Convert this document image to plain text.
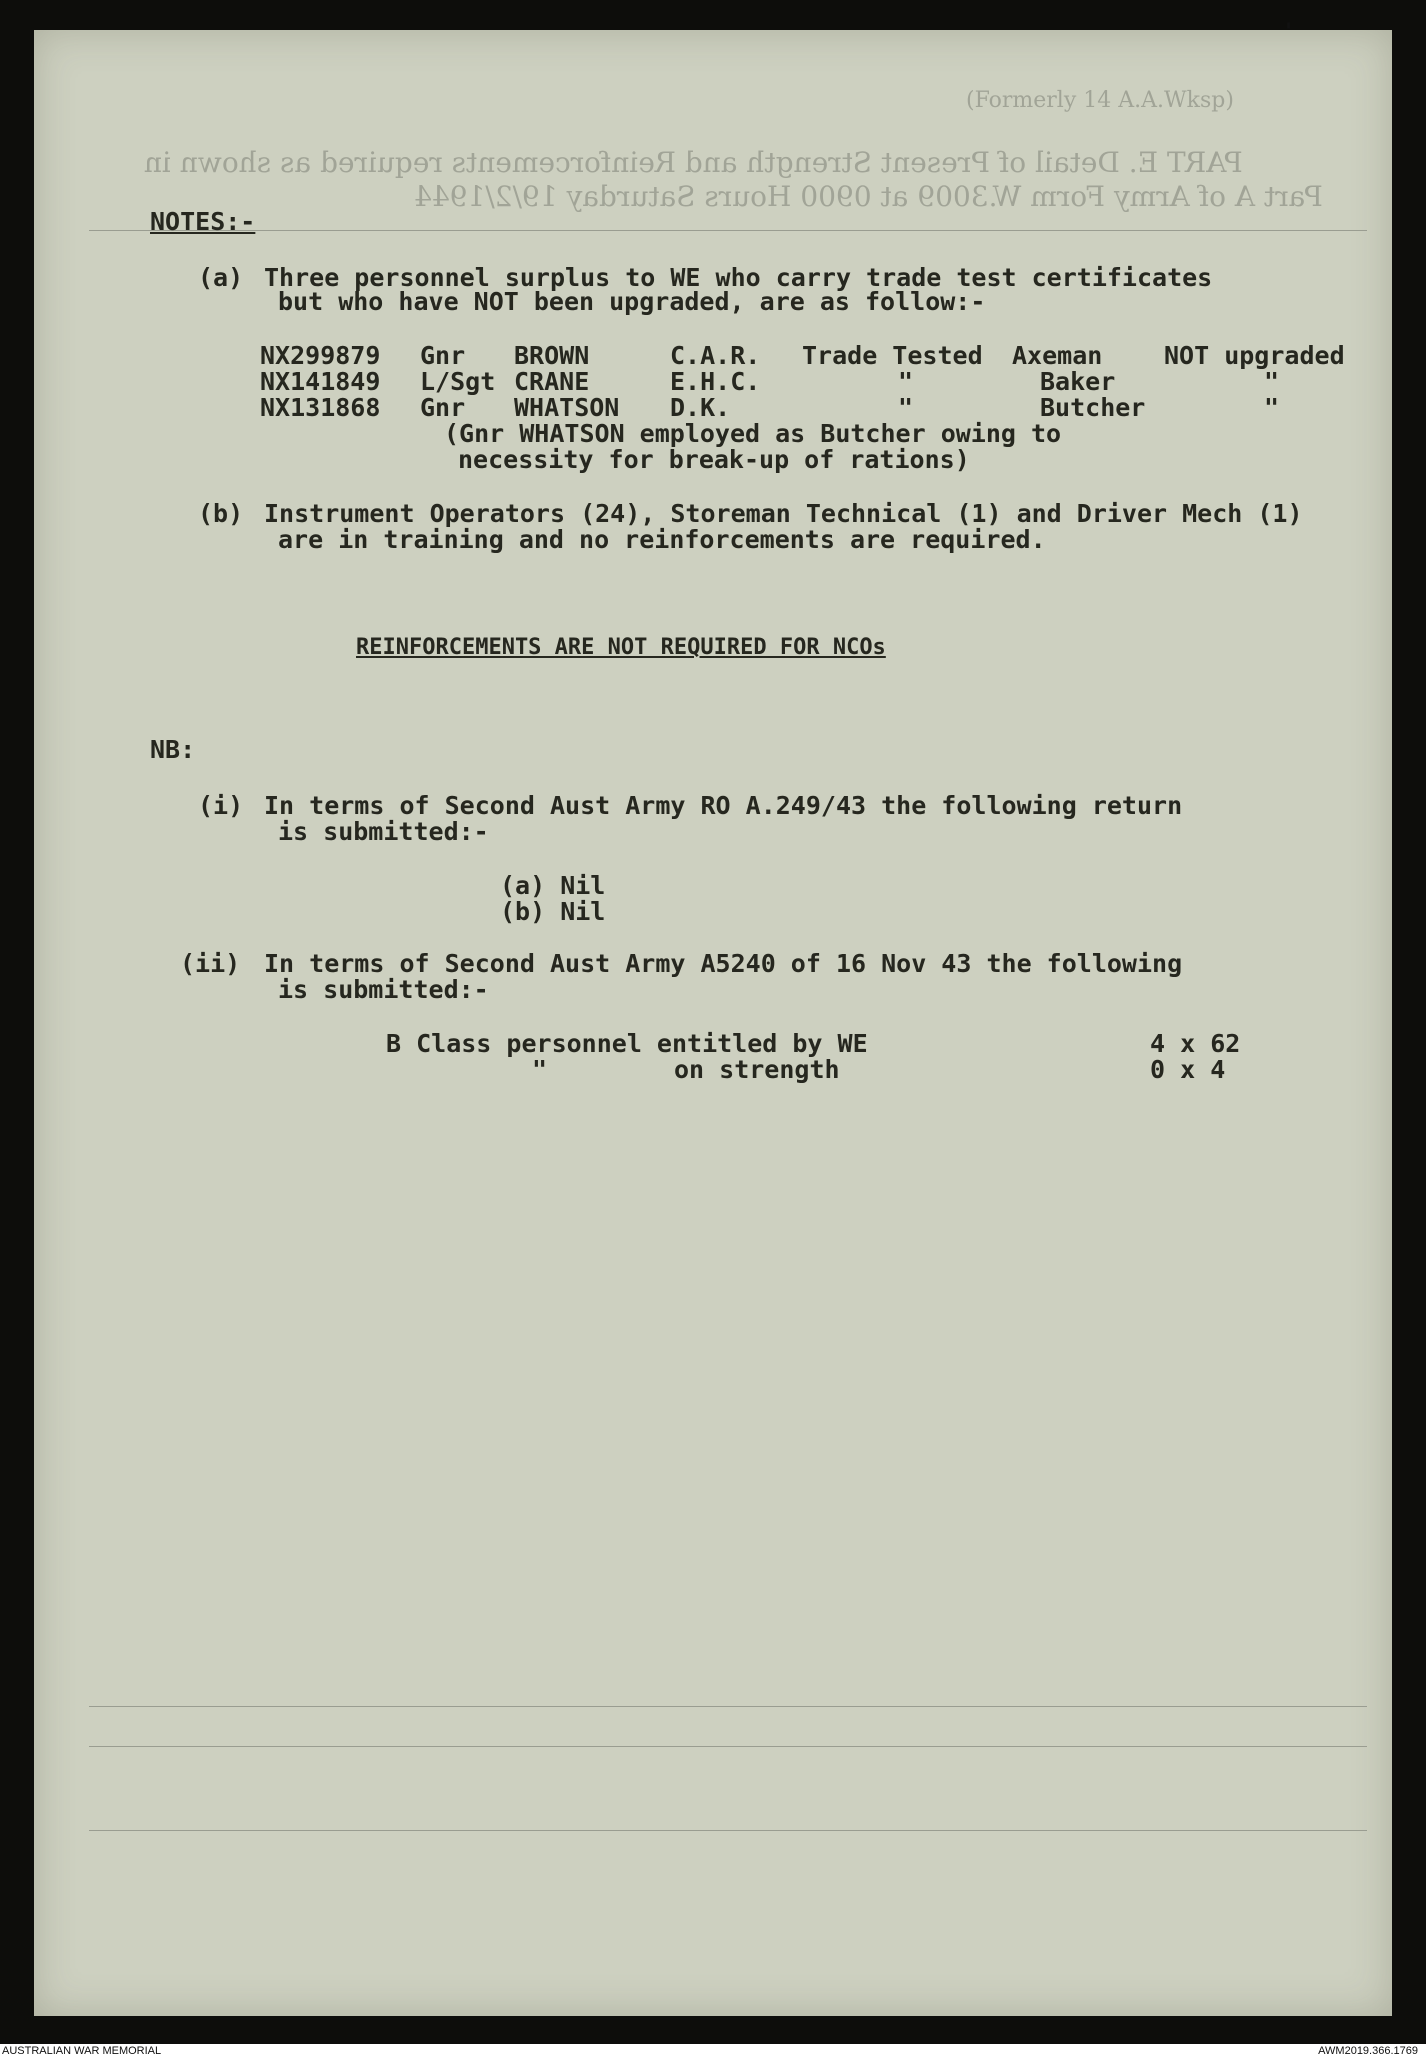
'
(Formerly 14 A.A.Wksp)
PART E. Detail of Present Strength and Reinforcements required as shown in
Part A of Army Form W.3009 at 0900 Hours Saturday 19/2/1944
NOTES:-
(a) Three personnel surplus to WE who carry trade test certificates
but who have NOT been upgraded, are as follow:-
NX299879 Gnr BROWN	C.A.R. Trade Tested Axeman NOT upgraded
NX141849 L/Sgt CRANE	E.H.C.	"	Baker	"
NX131868 Gnr WHATSON D.K.	"	Butcher	"
(Gnr WHATSON employed as Butcher owing to
necessity for break-up of rations)
(b) Instrument Operators (24), Storeman Technical (1) and Driver Mech (1)
are in training and no reinforcements are required.
REINFORCEMENTS ARE NOT REQUIRED FOR NCOs
NB:
(i) In terms of Second Aust Army RO A.249/43 the following return
is submitted:-
(a) Nil
(b) Nil
(ii) In terms of Second Aust Army A5240 of 16 Nov 43 the following
is submitted:-
B Class personnel entitled by WE	4 x 62
"	on strength	0 x 4
AUSTRALIAN WAR MEMORIAL	AWM2019.366.1769
